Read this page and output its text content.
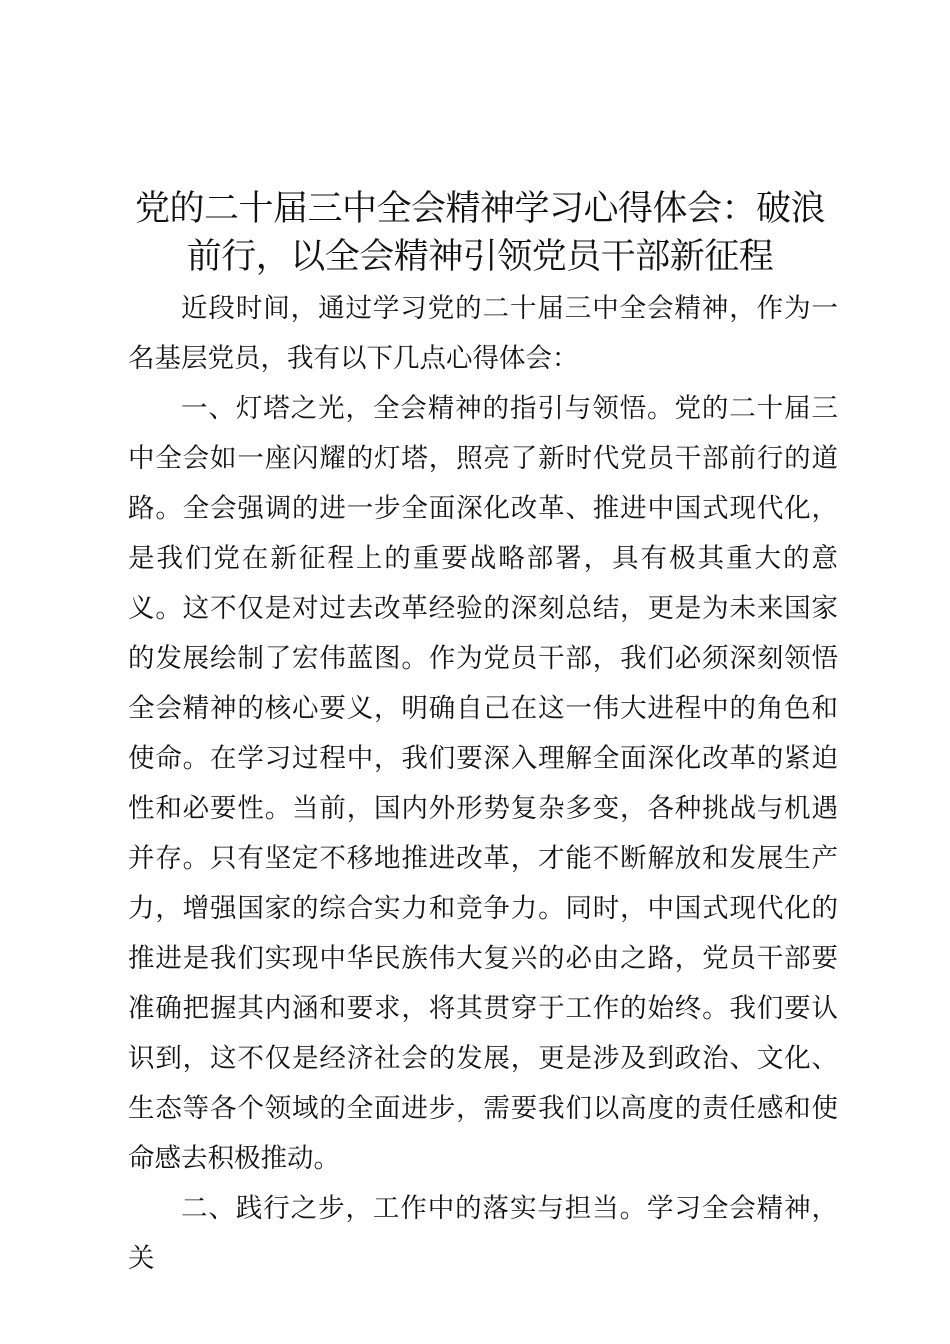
党的二十届三中全会精神学习心得体会：破浪
前行，以全会精神引领党员干部新征程

近段时间，通过学习党的二十届三中全会精神，作为一名基层党员，我有以下几点心得体会：

一、灯塔之光，全会精神的指引与领悟。党的二十届三中全会如一座闪耀的灯塔，照亮了新时代党员干部前行的道路。全会强调的进一步全面深化改革、推进中国式现代化，是我们党在新征程上的重要战略部署，具有极其重大的意义。这不仅是对过去改革经验的深刻总结，更是为未来国家的发展绘制了宏伟蓝图。作为党员干部，我们必须深刻领悟全会精神的核心要义，明确自己在这一伟大进程中的角色和使命。在学习过程中，我们要深入理解全面深化改革的紧迫性和必要性。当前，国内外形势复杂多变，各种挑战与机遇并存。只有坚定不移地推进改革，才能不断解放和发展生产力，增强国家的综合实力和竞争力。同时，中国式现代化的推进是我们实现中华民族伟大复兴的必由之路，党员干部要准确把握其内涵和要求，将其贯穿于工作的始终。我们要认识到，这不仅是经济社会的发展，更是涉及到政治、文化、生态等各个领域的全面进步，需要我们以高度的责任感和使命感去积极推动。

二、践行之步，工作中的落实与担当。学习全会精神，关
